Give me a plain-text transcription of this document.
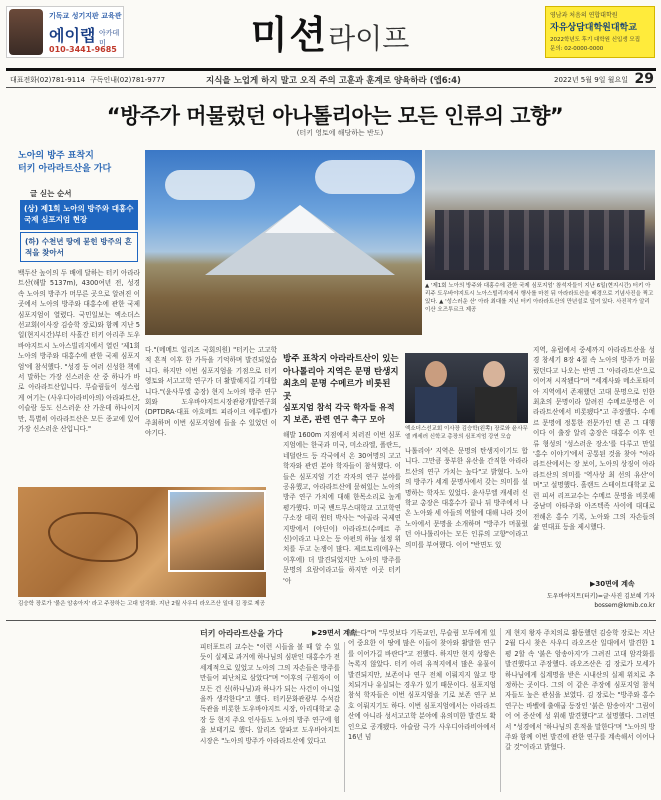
기독교 성기지판 교육관
에이랩 아카데미
010-3441-9685	미션라이프
영남과 처음의 연합대학원
자유상담대학원대학교
2022학년도 후기 대학원 신입생 모집
문의: 02-0000-0000
대표전화(02)781-9114 구독인내(02)781-9777	지식을 노업게 하지 말고 오직 주의 고훈과 훈계로 양육하라 (엡6:4)	2022년 5월 9일 월요일 29
“방주가 머물렀던 아나톨리아는 모든 인류의 고향”
(터키 영토에 해당하는 반도)
노아의 방주 표착지
터키 아라라트산을 가다
글 싣는 순서
(상) 제1회 노아의 방주와 대홍수 국제 심포지엄 현장
(하) 수천년 땅에 묻힌 방주의 흔적을 찾아서
백두산 높이의 두 배에 달하는 터키 아라라트산(해발 5137m), 4300여년 전, 성경 속 노아의 방주가 머무른 곳으로 알려진 이곳에서 노아의 방주와 대홍수에 관한 국제 심포지엄이 열렸다. 국민일보는 엑소더스선교회(이사장 김승학 장로)와 함께 지난 5일(현지시간)부터 사흘간 터키 아리주 도우바야지트시 노아스빌리지에서 열린 '제1회 노아의 방주와 대홍수에 관한 국제 심포지엄'에 참석했다. "성경 등 여러 신성한 책에서 말하는 가장 신스러운 산 중 하나가 바로 아라라트산입니다. 무슬림들이 성스럽게 여기는 (사우디아라비아의) 아라파트산, 이슬람 등도 신스러운 산 가운데 하나이지만, 특별히 아라라트산은 모든 종교에 있어 가장 신스러운 산입니다."
▲ '제1회 노아의 방주와 대홍수에 관한 국제 심포지엄' 참석자들이 지난 6일(현지시간) 터키 아리주 도우바야지트시 노아스빌리지에서 행사를 마친 뒤 아라라트산을 배경으로 기념사진을 찍고 있다. ▲ '성스러운 산' 아라 최대를 지닌 터키 아라라트산의 만년설로 덮여 있다. 사진작가 알리 이산 오즈투르크 제공
다."(메메트 일리즈 국회의원) "터키는 고고학적 흔적 이후 한 가득을 기억하며 발견되었습니다. 하지만 이번 심포지엄을 기점으로 터키 영토와 서고고학 연구가 더 활발해지길 기대합니다."(윤사무엘 총장) 현지 노아의 방주 연구회와 도우바야지트시장관광개발연구회(DPTDRA·대표 아흐메트 피라이크 에루렐)가 주최하며 이번 심포지엄에 들을 수 있었던 이야기다.
방주 표착지 아라라트산이 있는 아나톨리아 지역은 문명 탄생지 최초의 문명 수메르가 비롯된 곳
심포지엄 참석 각국 학자들 유적지 보존, 관련 연구 촉구 모아
해발 1600m 지점에서 치러진 이번 심포지엄에는 한국과 미국, 미소라엘, 폴란드, 네덜란드 등 각국에서 온 30여명의 고고학자와 관련 분야 학자들이 참석했다. 이들은 심포지엄 기간 각자의 연구 분야를 공유했고, 아라라트산에 묻혀있는 노아의 방주 연구 가치에 대해 한목소리로 높게 평가했다. 미국 밴드무스대학교 고고학연구소장 데릭 윈터 박사는 "아골라 국제연지방에서 (야딘이) 아라라트(수메르 주신)이라고 나오는 등 아펀의 하늘 설정 위치를 두고 논쟁이 많다. 제르토리(에우는 이후에) 더 발견되었지만 노아의 방주를 문명의 요람이라고들 하지만 이곳 터키 '아
엑소더스선교회 이사장 김승학(왼쪽) 장로와 윤사무엘 캐세러 신학교 총장의 심포지엄 강연 모습
나톨리아' 지역은 문명의 탄생지이기도 합니다. 그만큼 풍부한 유산을 간직한 아라라트산의 연구 가치는 높다"고 밝혔다. 노아의 방주가 세계 문명사에서 갖는 의미를 설명하는 학자도 있었다. 윤사무엘 캐세러 신학교 총장은 대홍수가 끝나 뒤 방주에서 나온 노아와 세 아들의 역할에 대해 나라 것이 노아에서 문명을 소개하며 "방주가 머물렀던 아나톨리아는 모든 인류의 고향"이라고 의미를 부여했다. 이어 "반면도 있
지역, 유럽에서 중세까지 아라라트산을 성경 창세기 8장 4절 속 노아의 방주가 머물렀던다고 나오는 반면 그 '아라라트산'으로 이어져 시작됐다"며 "세계사와 메소포타미아 지역에서 존재했던 고대 문명으로 인한 최초의 문명이라 알려진 수메르문명은 이라라트산에서 비롯됐다"고 주장했다. 수메르 문명에 정통한 전문가인 텐 콘 그 대행이다 이 출장 알리 총장은 대홍수 이후 인류 형성의 '성스러운 장소'를 다루고 만일 '홍수 이야기'에서 공통된 것을 찾아 "아라라트산에서는 장 보이, 노아의 상징이 아라라트산의 의미를 '역사상 최 선의 유산'이며"고 설명했다. 흘랜드 스테이트대학교 로런 피셔 리프교수는 수메르 문명을 비롯해 중남미 아타주와 아즈텍족 사이에 대대로 전해온 홍수 기록, 노아와 그의 자손들의 삶 연대표 등을 제시했다.
▶30면에 계속
도우바야지트(터키)=글·사진 김보혜 기자
bossem@kmib.co.kr
김승학 장로가 '붉은 암송아지' 라고 주장하는 고대 암각화. 지난 2월 사우디 라오즈산 일대 김 장로 제공
터키 아라라트산을 가다	▶29면서 계속
피터포트리 교수는 "이런 시들을 볼 때 알 수 있듯이 실제로 과거에 하나님의 심판인 대홍수가 전 세계적으로 있었고 노아의 그의 자손들은 방주를 만들어 피난처로 삼았다"며 "이후의 구원자이 이 모든 건 신(하나님)과 하나가 되는 사건이 아니었을까 생각한다"고 했다. 터키문화관광부 수석감독관을 비롯한 도우바야지트 시장, 아리대학교 총장 등 현지 주요 인사들도 노아의 방주 연구에 힘을 보태기로 했다. 알리즈 알파코 도우바야지트 시장은 "노아의 방주가 아라라트산에 있다고
믿는다"며 "무엇보다 기독교인, 무슬림 모두에게 있어 중요한 이 땅에 많은 이들이 찾아와 활발한 연구를 이어가길 바란다"고 전했다. 하지만 현지 상황은 녹록지 않았다. 터키 아리 유적지에서 많은 유물이 발견되지만, 보존이나 연구 전체 이뤄지지 않고 방치되거나 유실되는 경우가 있기 때문이다. 심포지엄 참석 학자들은 이번 심포지엄을 기로 보존 연구 보호 이뤄지기도 하다. 이번 심포지엄에서는 아라라트산에 아니라 성서고고학 분야에 유의미한 발견도 확인으로 공개됐다. 아슬람 극가 사우디아라비아에서 16년 넘
게 현지 왕자 주치의로 활동했던 김승학 장로는 지난 2월 다시 찾은 사우디 라오즈산 일대에서 발견한 1평 2할 속 '붉은 암송아지'가 그려진 고대 암각화를 발견했다고 주장했다. 라오즈산은 김 장로가 모세가 하나님에게 십계명을 받은 시내산의 실제 위치로 추정하는 곳이다. 그의 이 같은 주장에 심포지엄 참석자들도 높은 관심을 보였다. 김 장로는 "방주와 홍수 연구는 바벨에 출애굽 등장인 '붉은 암송아지' 그림이 어 여 증산에 성 위해 발견했다"고 설명했다. 그러면서 "성경에서 '하나님의 흔적을 말한다'며 "노아의 방주와 함께 이번 발견에 관한 연구를 계속해서 이어나갈 것"이라고 밝혔다.
